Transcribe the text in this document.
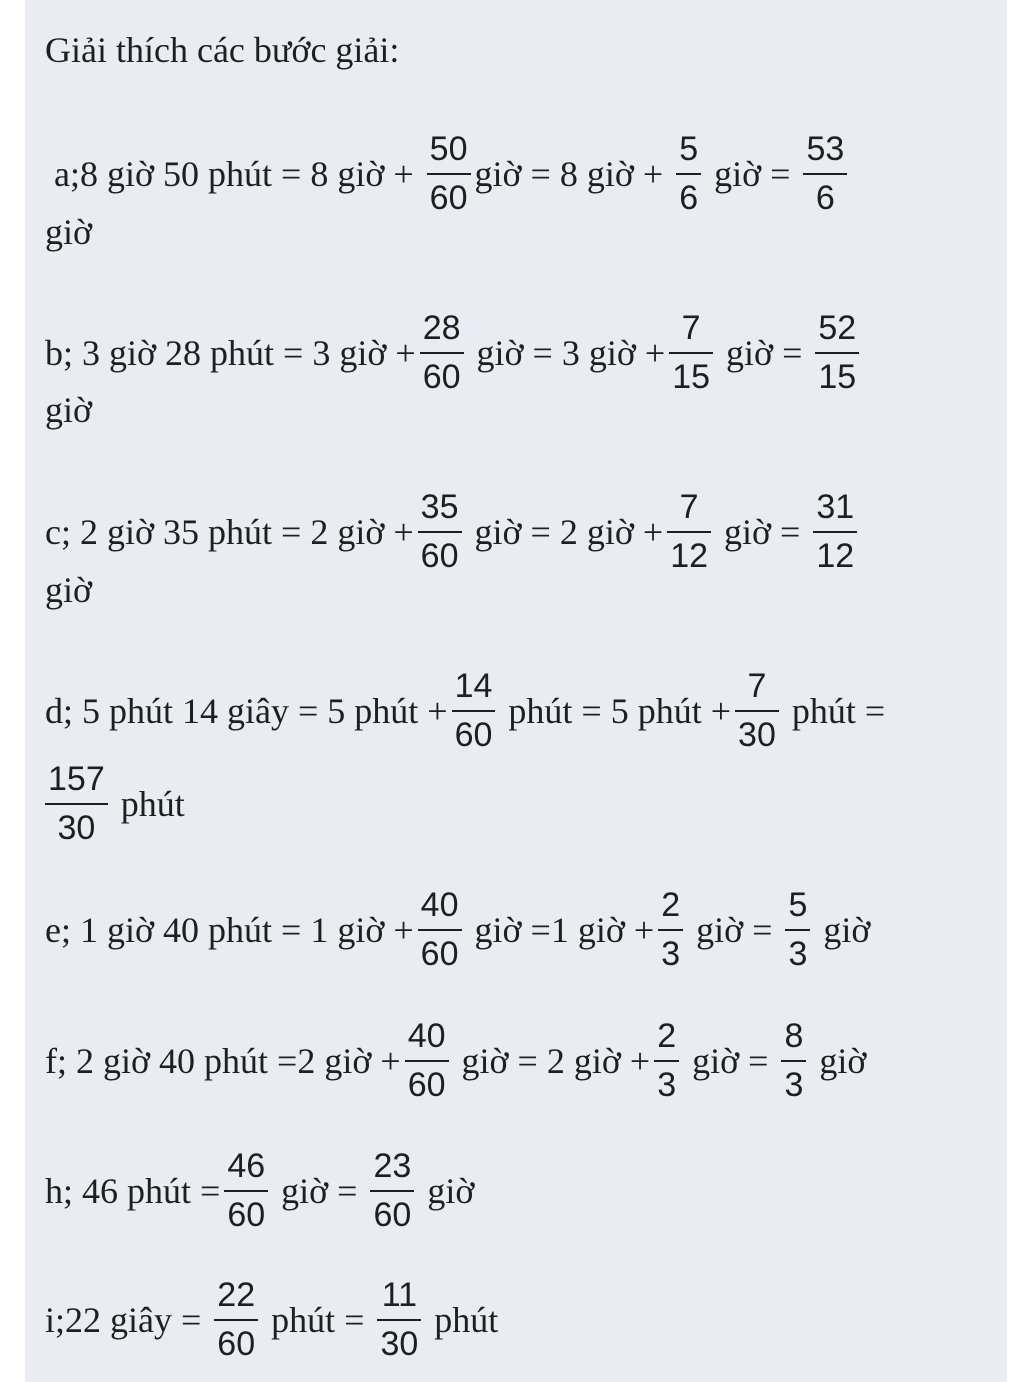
Giải thích các bước giải:
a;8 giờ 50 phút = 8 giờ + $\frac{50}{60}$ giờ = 8 giờ + $\frac{5}{6}$ giờ = $\frac{53}{6}$
giờ
b; 3 giờ 28 phút = 3 giờ + $\frac{28}{60}$ giờ = 3 giờ + $\frac{7}{15}$ giờ = $\frac{52}{15}$
giờ
c; 2 giờ 35 phút = 2 giờ + $\frac{35}{60}$ giờ = 2 giờ + $\frac{7}{12}$ giờ = $\frac{31}{12}$
giờ
d; 5 phút 14 giây = 5 phút + $\frac{14}{60}$ phút = 5 phút + $\frac{7}{30}$ phút =
$\frac{157}{30}$ phút
e; 1 giờ 40 phút = 1 giờ + $\frac{40}{60}$ giờ =1 giờ + $\frac{2}{3}$ giờ = $\frac{5}{3}$ giờ
f; 2 giờ 40 phút =2 giờ + $\frac{40}{60}$ giờ = 2 giờ + $\frac{2}{3}$ giờ = $\frac{8}{3}$ giờ
h; 46 phút = $\frac{46}{60}$ giờ = $\frac{23}{60}$ giờ
i;22 giây = $\frac{22}{60}$ phút = $\frac{11}{30}$ phút
